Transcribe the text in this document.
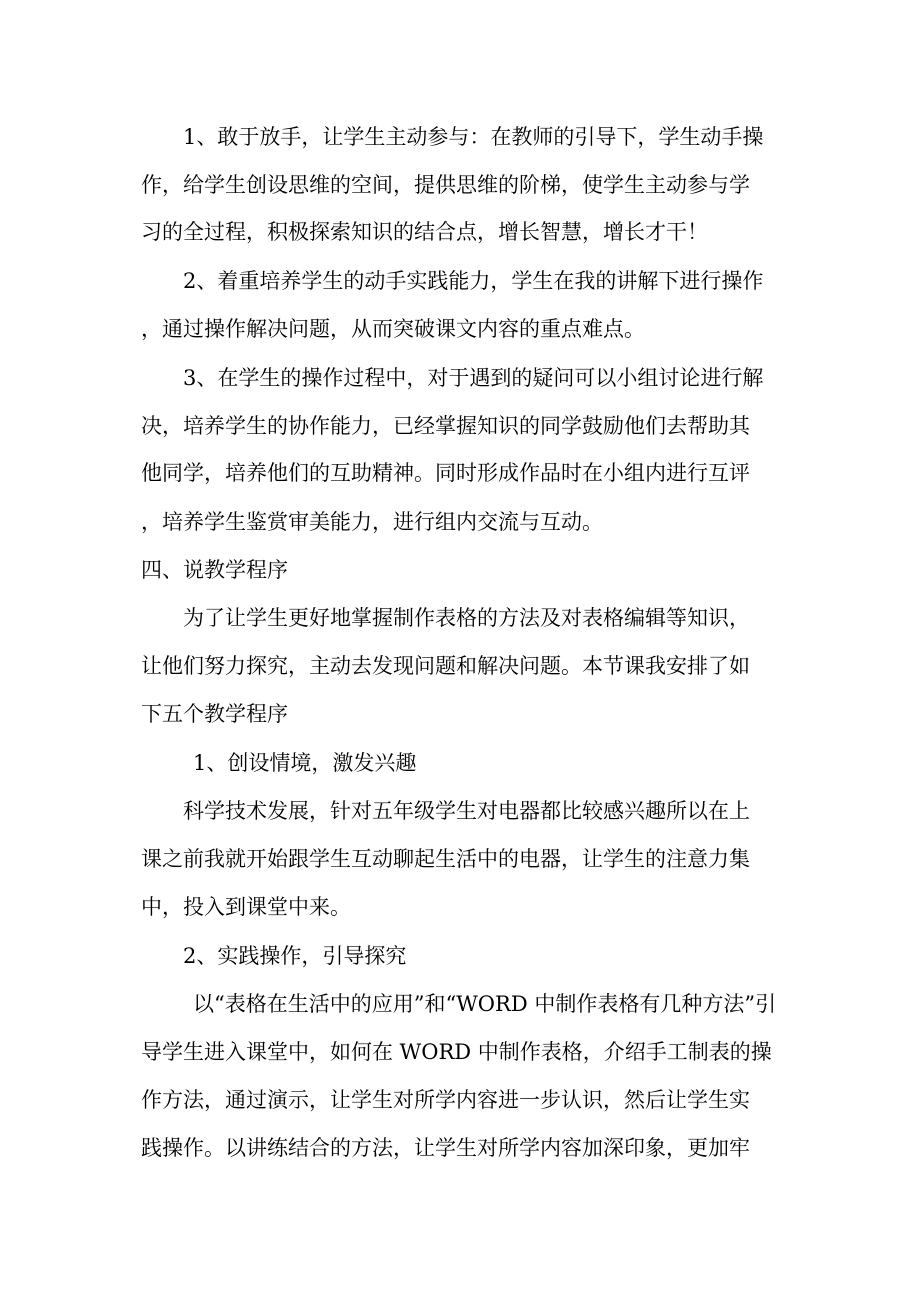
1、敢于放手，让学生主动参与：在教师的引导下，学生动手操
作，给学生创设思维的空间，提供思维的阶梯，使学生主动参与学
习的全过程，积极探索知识的结合点，增长智慧，增长才干！
2、着重培养学生的动手实践能力，学生在我的讲解下进行操作
，通过操作解决问题，从而突破课文内容的重点难点。
3、在学生的操作过程中，对于遇到的疑问可以小组讨论进行解
决，培养学生的协作能力，已经掌握知识的同学鼓励他们去帮助其
他同学，培养他们的互助精神。同时形成作品时在小组内进行互评
，培养学生鉴赏审美能力，进行组内交流与互动。
四、说教学程序
为了让学生更好地掌握制作表格的方法及对表格编辑等知识，
让他们努力探究，主动去发现问题和解决问题。本节课我安排了如
下五个教学程序
1、创设情境，激发兴趣
科学技术发展，针对五年级学生对电器都比较感兴趣所以在上
课之前我就开始跟学生互动聊起生活中的电器，让学生的注意力集
中，投入到课堂中来。
2、实践操作，引导探究
以“表格在生活中的应用”和“WORD 中制作表格有几种方法”引
导学生进入课堂中，如何在 WORD 中制作表格，介绍手工制表的操
作方法，通过演示，让学生对所学内容进一步认识，然后让学生实
践操作。以讲练结合的方法，让学生对所学内容加深印象，更加牢
